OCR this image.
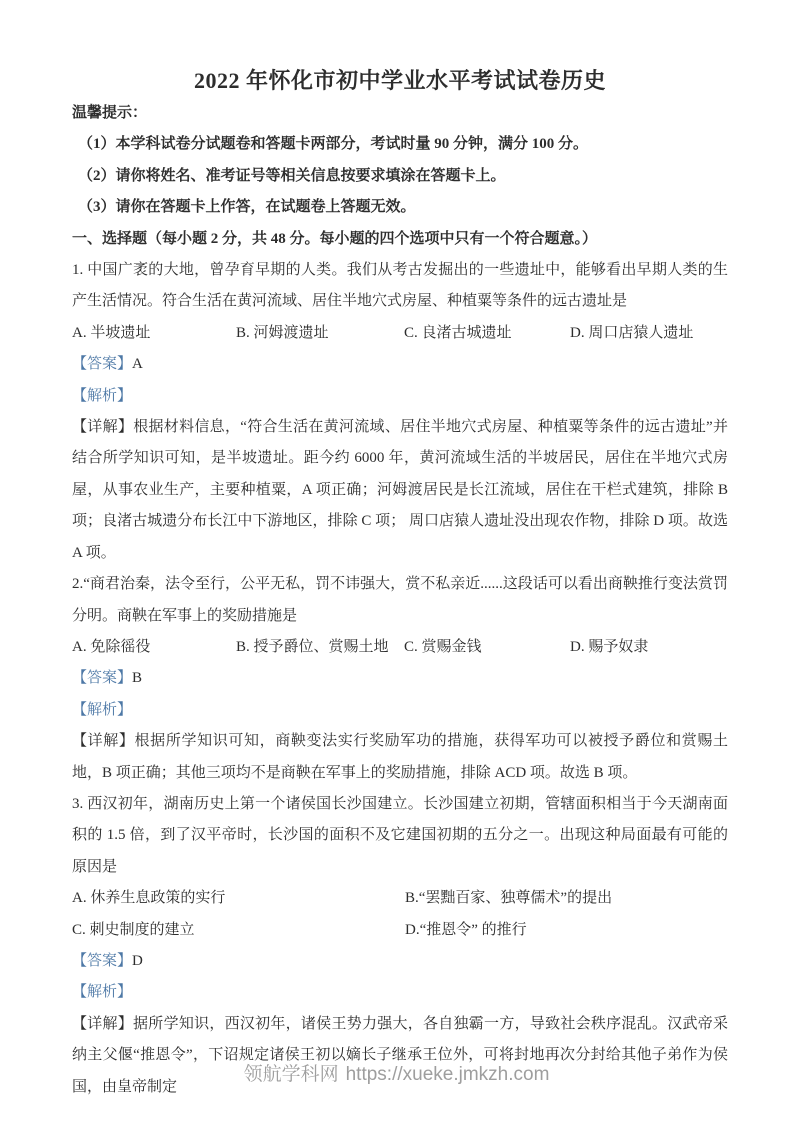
2022 年怀化市初中学业水平考试试卷历史

温馨提示：

（1）本学科试卷分试题卷和答题卡两部分，考试时量 90 分钟，满分 100 分。

（2）请你将姓名、准考证号等相关信息按要求填涂在答题卡上。

（3）请你在答题卡上作答，在试题卷上答题无效。

一、选择题（每小题 2 分，共 48 分。每小题的四个选项中只有一个符合题意。）

1. 中国广袤的大地，曾孕育早期的人类。我们从考古发掘出的一些遗址中，能够看出早期人类的生产生活情况。符合生活在黄河流域、居住半地穴式房屋、种植粟等条件的远古遗址是

A. 半坡遗址	B. 河姆渡遗址	C. 良渚古城遗址	D. 周口店猿人遗址

【答案】A

【解析】

【详解】根据材料信息，“符合生活在黄河流域、居住半地穴式房屋、种植粟等条件的远古遗址”并结合所学知识可知，是半坡遗址。距今约 6000 年，黄河流域生活的半坡居民，居住在半地穴式房屋，从事农业生产，主要种植粟，A 项正确；河姆渡居民是长江流域，居住在干栏式建筑，排除 B 项；良渚古城遗分布长江中下游地区，排除 C 项； 周口店猿人遗址没出现农作物，排除 D 项。故选 A 项。

2.“商君治秦，法令至行，公平无私，罚不讳强大，赏不私亲近......这段话可以看出商鞅推行变法赏罚分明。商鞅在军事上的奖励措施是

A. 免除徭役	B. 授予爵位、赏赐土地	C. 赏赐金钱	D. 赐予奴隶

【答案】B

【解析】

【详解】根据所学知识可知，商鞅变法实行奖励军功的措施，获得军功可以被授予爵位和赏赐土地，B 项正确；其他三项均不是商鞅在军事上的奖励措施，排除 ACD 项。故选 B 项。

3. 西汉初年，湖南历史上第一个诸侯国长沙国建立。长沙国建立初期，管辖面积相当于今天湖南面积的 1.5 倍，到了汉平帝时，长沙国的面积不及它建国初期的五分之一。出现这种局面最有可能的原因是

A. 休养生息政策的实行	B.“罢黜百家、独尊儒术”的提出
C. 刺史制度的建立	D.“推恩令” 的推行

【答案】D

【解析】

【详解】据所学知识，西汉初年，诸侯王势力强大，各自独霸一方，导致社会秩序混乱。汉武帝采纳主父偃“推恩令”，下诏规定诸侯王初以嫡长子继承王位外，可将封地再次分封给其他子弟作为侯国，由皇帝制定

领航学科网 https://xueke.jmkzh.com
